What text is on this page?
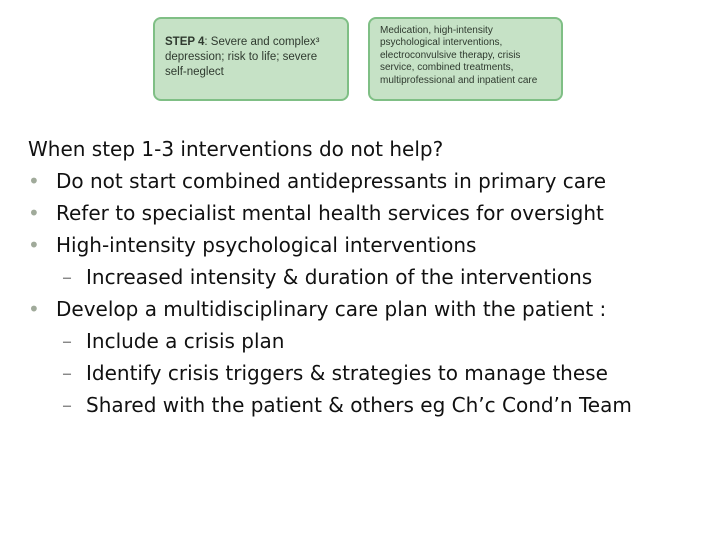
STEP 4: Severe and complex³ depression; risk to life; severe self-neglect
Medication, high-intensity psychological interventions, electroconvulsive therapy, crisis service, combined treatments, multiprofessional and inpatient care
When step 1-3 interventions do not help?
• Do not start combined antidepressants in primary care
• Refer to specialist mental health services for oversight
• High-intensity psychological interventions
– Increased intensity & duration of the interventions
• Develop a multidisciplinary care plan with the patient :
– Include a crisis plan
– Identify crisis triggers & strategies to manage these
– Shared with the patient & others eg Ch’c Cond’n Team
